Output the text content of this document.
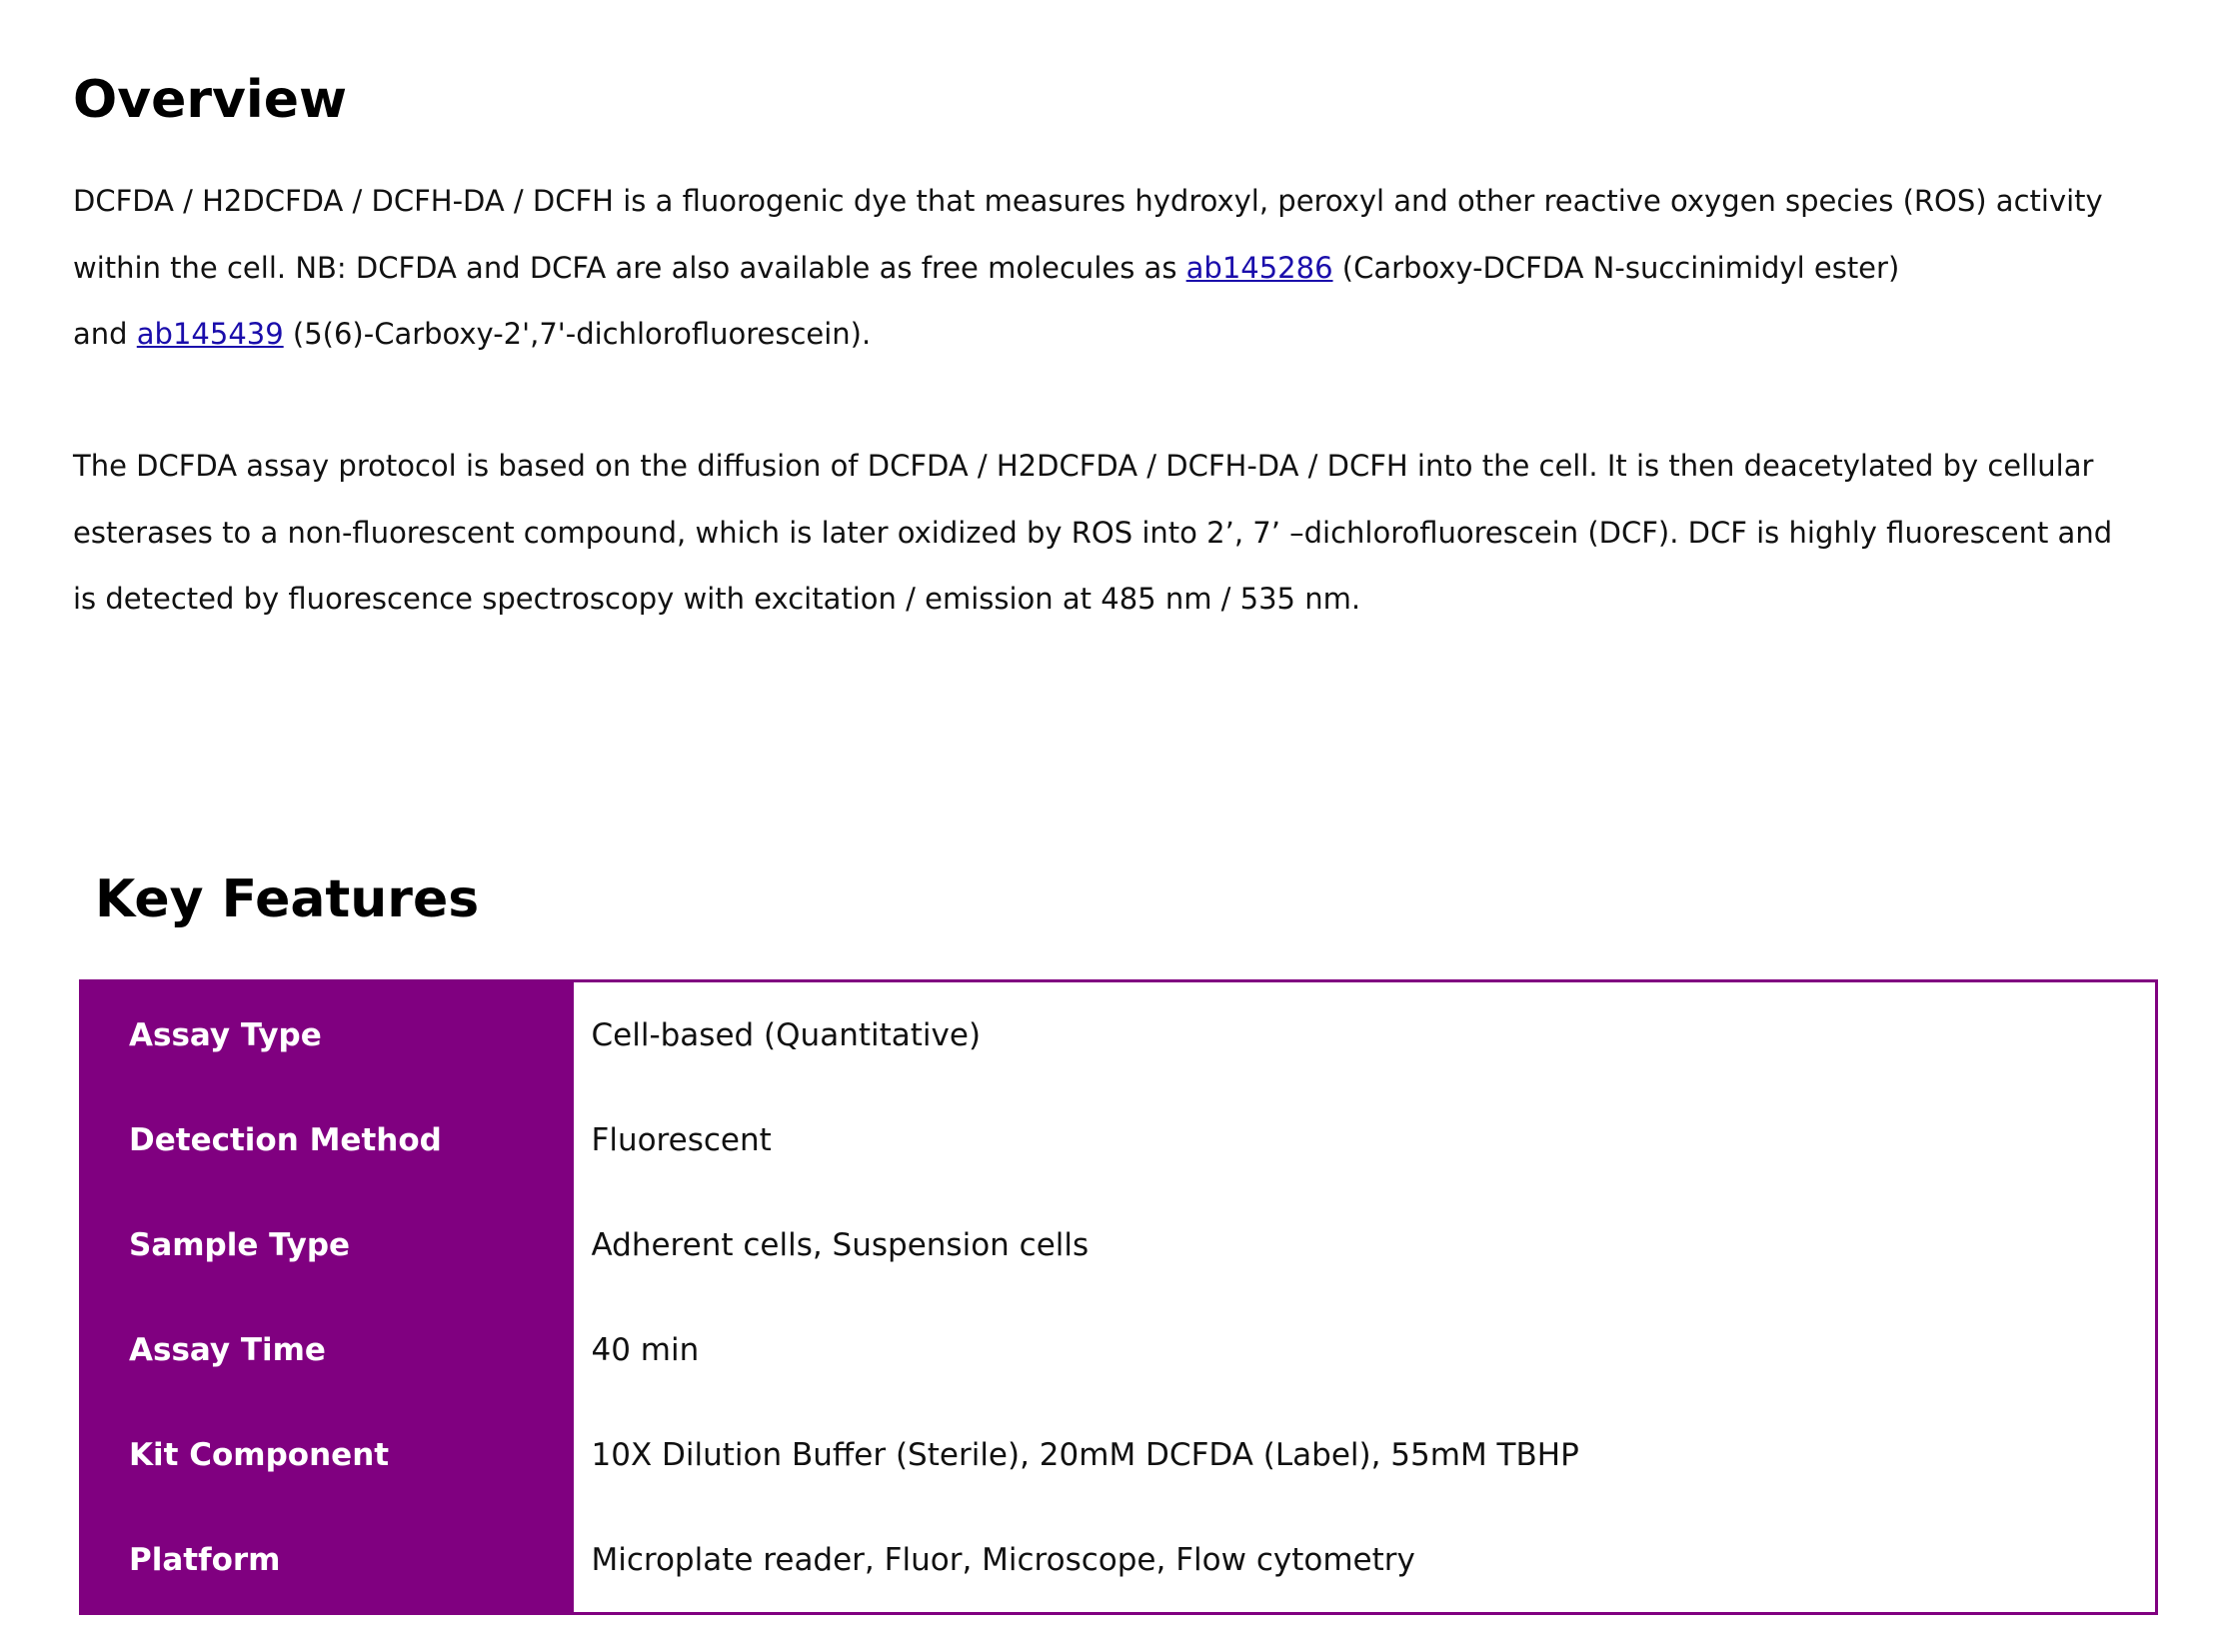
Overview

DCFDA / H2DCFDA / DCFH-DA / DCFH is a fluorogenic dye that measures hydroxyl, peroxyl and other reactive oxygen species (ROS) activity
within the cell. NB: DCFDA and DCFA are also available as free molecules as ab145286 (Carboxy-DCFDA N-succinimidyl ester)
and ab145439 (5(6)-Carboxy-2',7'-dichlorofluorescein).

The DCFDA assay protocol is based on the diffusion of DCFDA / H2DCFDA / DCFH-DA / DCFH into the cell. It is then deacetylated by cellular
esterases to a non-fluorescent compound, which is later oxidized by ROS into 2’, 7’ –dichlorofluorescein (DCF). DCF is highly fluorescent and
is detected by fluorescence spectroscopy with excitation / emission at 485 nm / 535 nm.

Key Features
Assay Type	Cell-based (Quantitative)
Detection Method	Fluorescent
Sample Type	Adherent cells, Suspension cells
Assay Time	40 min
Kit Component	10X Dilution Buffer (Sterile), 20mM DCFDA (Label), 55mM TBHP
Platform	Microplate reader, Fluor, Microscope, Flow cytometry
